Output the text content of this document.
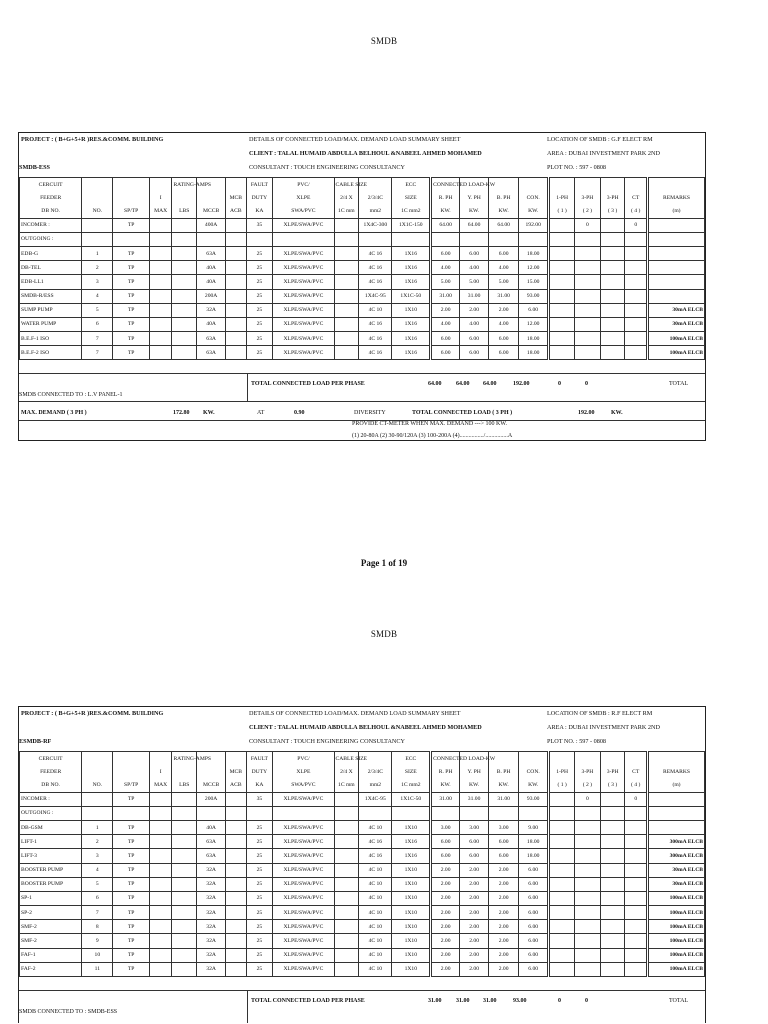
SMDB
PROJECT : ( B+G+5+R )RES.&COMM. BUILDING	DETAILS OF CONNECTED LOAD/MAX. DEMAND LOAD SUMMARY SHEET	LOCATION OF SMDB : G.F ELECT RM
CLIENT : TALAL HUMAID ABDULLA BELHOUL &NABEEL AHMED MOHAMED	AREA : DUBAI INVESTMENT PARK 2ND
SMDB-ESS	CONSULTANT : TOUCH ENGINEERING CONSULTANCY	PLOT NO. : 597 - 0808
CERCUIT				RATING-AMPS			FAULT	PVC/	CABLE SIZE		ECC	CONNECTED LOAD-KW								
FEEDER			I			MCB	DUTY	XLPE	2/4 X	2/3/4C	SIZE	R. PH	Y. PH	B. PH	CON.	1-PH	3-PH	3-PH	CT	REMARKS
DB NO.	NO.	SP/TP	MAX	LBS	MCCB	ACB	KA	SWA/PVC	1C mm	mm2	1C mm2	KW.	KW.	KW.	KW.	( 1 )	( 2 )	( 3 )	( 4 )	(m)
INCOMER :		TP			400A		35	XLPE/SWA/PVC		1X4C-300	1X1C-150	64.00	64.00	64.00	192.00		0		0	
OUTGOING :																				
EDB-G	1	TP			63A		25	XLPE/SWA/PVC		4C 16	1X16	6.00	6.00	6.00	18.00					
DB-TEL	2	TP			40A		25	XLPE/SWA/PVC		4C 16	1X16	4.00	4.00	4.00	12.00					
EDB-LL1	3	TP			40A		25	XLPE/SWA/PVC		4C 16	1X16	5.00	5.00	5.00	15.00					
SMDB-R/ESS	4	TP			200A		25	XLPE/SWA/PVC		1X4C-95	1X1C-50	31.00	31.00	31.00	93.00					
SUMP PUMP	5	TP			32A		25	XLPE/SWA/PVC		4C 10	1X10	2.00	2.00	2.00	6.00					30mA ELCB
WATER PUMP	6	TP			40A		25	XLPE/SWA/PVC		4C 16	1X16	4.00	4.00	4.00	12.00					30mA ELCB
B.E.F-1 ISO	7	TP			63A		25	XLPE/SWA/PVC		4C 16	1X16	6.00	6.00	6.00	18.00					100mA ELCB
B.E.F-2 ISO	7	TP			63A		25	XLPE/SWA/PVC		4C 16	1X16	6.00	6.00	6.00	18.00					100mA ELCB
TOTAL CONNECTED LOAD PER PHASE	64.00 64.00 64.00	192.00	0	0	TOTAL
SMDB CONNECTED TO : L.V PANEL-1
MAX. DEMAND ( 3 PH )	172.80 KW.	AT	0.90	DIVERSITY	TOTAL CONNECTED LOAD ( 3 PH )	192.00	KW.
PROVIDE CT-METER WHEN MAX. DEMAND ---> 100 KW.
(1) 20-80A (2) 30-90/120A (3) 100-200A (4)................/...............A
Page 1 of 19
SMDB
PROJECT : ( B+G+5+R )RES.&COMM. BUILDING	DETAILS OF CONNECTED LOAD/MAX. DEMAND LOAD SUMMARY SHEET	LOCATION OF SMDB : R.F ELECT RM
CLIENT : TALAL HUMAID ABDULLA BELHOUL &NABEEL AHMED MOHAMED	AREA : DUBAI INVESTMENT PARK 2ND
ESMDB-RF	CONSULTANT : TOUCH ENGINEERING CONSULTANCY	PLOT NO. : 597 - 0808
CERCUIT				RATING-AMPS			FAULT	PVC/	CABLE SIZE		ECC	CONNECTED LOAD-KW								
FEEDER			I			MCB	DUTY	XLPE	2/4 X	2/3/4C	SIZE	R. PH	Y. PH	B. PH	CON.	1-PH	3-PH	3-PH	CT	REMARKS
DB NO.	NO.	SP/TP	MAX	LBS	MCCB	ACB	KA	SWA/PVC	1C mm	mm2	1C mm2	KW.	KW.	KW.	KW.	( 1 )	( 2 )	( 3 )	( 4 )	(m)
INCOMER :		TP			200A		35	XLPE/SWA/PVC		1X4C-95	1X1C-50	31.00	31.00	31.00	93.00		0		0	
OUTGOING :																				
DB-GSM	1	TP			40A		25	XLPE/SWA/PVC		4C 10	1X10	3.00	3.00	3.00	9.00					
LIFT-1	2	TP			63A		25	XLPE/SWA/PVC		4C 16	1X16	6.00	6.00	6.00	18.00					300mA ELCB
LIFT-3	3	TP			63A		25	XLPE/SWA/PVC		4C 16	1X16	6.00	6.00	6.00	18.00					300mA ELCB
BOOSTER PUMP	4	TP			32A		25	XLPE/SWA/PVC		4C 10	1X10	2.00	2.00	2.00	6.00					30mA ELCB
BOOSTER PUMP	5	TP			32A		25	XLPE/SWA/PVC		4C 10	1X10	2.00	2.00	2.00	6.00					30mA ELCB
SP-1	6	TP			32A		25	XLPE/SWA/PVC		4C 10	1X10	2.00	2.00	2.00	6.00					100mA ELCB
SP-2	7	TP			32A		25	XLPE/SWA/PVC		4C 10	1X10	2.00	2.00	2.00	6.00					100mA ELCB
SMF-2	8	TP			32A		25	XLPE/SWA/PVC		4C 10	1X10	2.00	2.00	2.00	6.00					100mA ELCB
SMF-2	9	TP			32A		25	XLPE/SWA/PVC		4C 10	1X10	2.00	2.00	2.00	6.00					100mA ELCB
FAF-1	10	TP			32A		25	XLPE/SWA/PVC		4C 10	1X10	2.00	2.00	2.00	6.00					100mA ELCB
FAF-2	11	TP			32A		25	XLPE/SWA/PVC		4C 10	1X10	2.00	2.00	2.00	6.00					100mA ELCB
TOTAL CONNECTED LOAD PER PHASE	31.00 31.00 31.00	93.00	0	0	TOTAL
SMDB CONNECTED TO : SMDB-ESS
